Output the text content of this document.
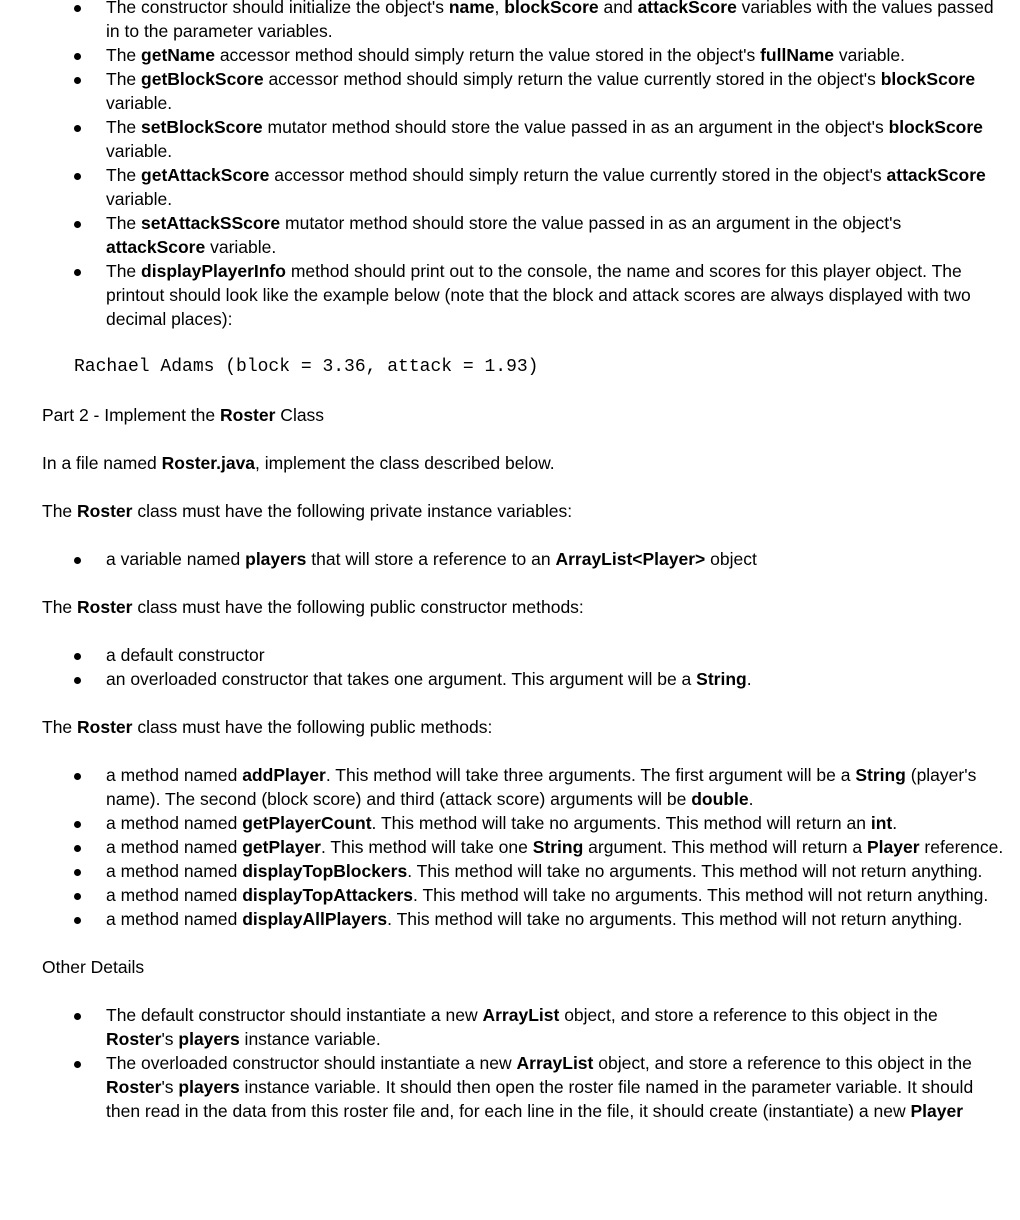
The constructor should initialize the object's name, blockScore and attackScore variables with the values passed in to the parameter variables.
The getName accessor method should simply return the value stored in the object's fullName variable.
The getBlockScore accessor method should simply return the value currently stored in the object's blockScore variable.
The setBlockScore mutator method should store the value passed in as an argument in the object's blockScore variable.
The getAttackScore accessor method should simply return the value currently stored in the object's attackScore variable.
The setAttackSScore mutator method should store the value passed in as an argument in the object's attackScore variable.
The displayPlayerInfo method should print out to the console, the name and scores for this player object. The printout should look like the example below (note that the block and attack scores are always displayed with two decimal places):
Rachael Adams (block = 3.36, attack = 1.93)

Part 2 - Implement the Roster Class

In a file named Roster.java, implement the class described below.

The Roster class must have the following private instance variables:

a variable named players that will store a reference to an ArrayList<Player> object

The Roster class must have the following public constructor methods:

a default constructor
an overloaded constructor that takes one argument. This argument will be a String.

The Roster class must have the following public methods:

a method named addPlayer. This method will take three arguments. The first argument will be a String (player's name). The second (block score) and third (attack score) arguments will be double.
a method named getPlayerCount. This method will take no arguments. This method will return an int.
a method named getPlayer. This method will take one String argument. This method will return a Player reference.
a method named displayTopBlockers. This method will take no arguments. This method will not return anything.
a method named displayTopAttackers. This method will take no arguments. This method will not return anything.
a method named displayAllPlayers. This method will take no arguments. This method will not return anything.

Other Details

The default constructor should instantiate a new ArrayList object, and store a reference to this object in the Roster's players instance variable.
The overloaded constructor should instantiate a new ArrayList object, and store a reference to this object in the Roster's players instance variable. It should then open the roster file named in the parameter variable. It should then read in the data from this roster file and, for each line in the file, it should create (instantiate) a new Player
